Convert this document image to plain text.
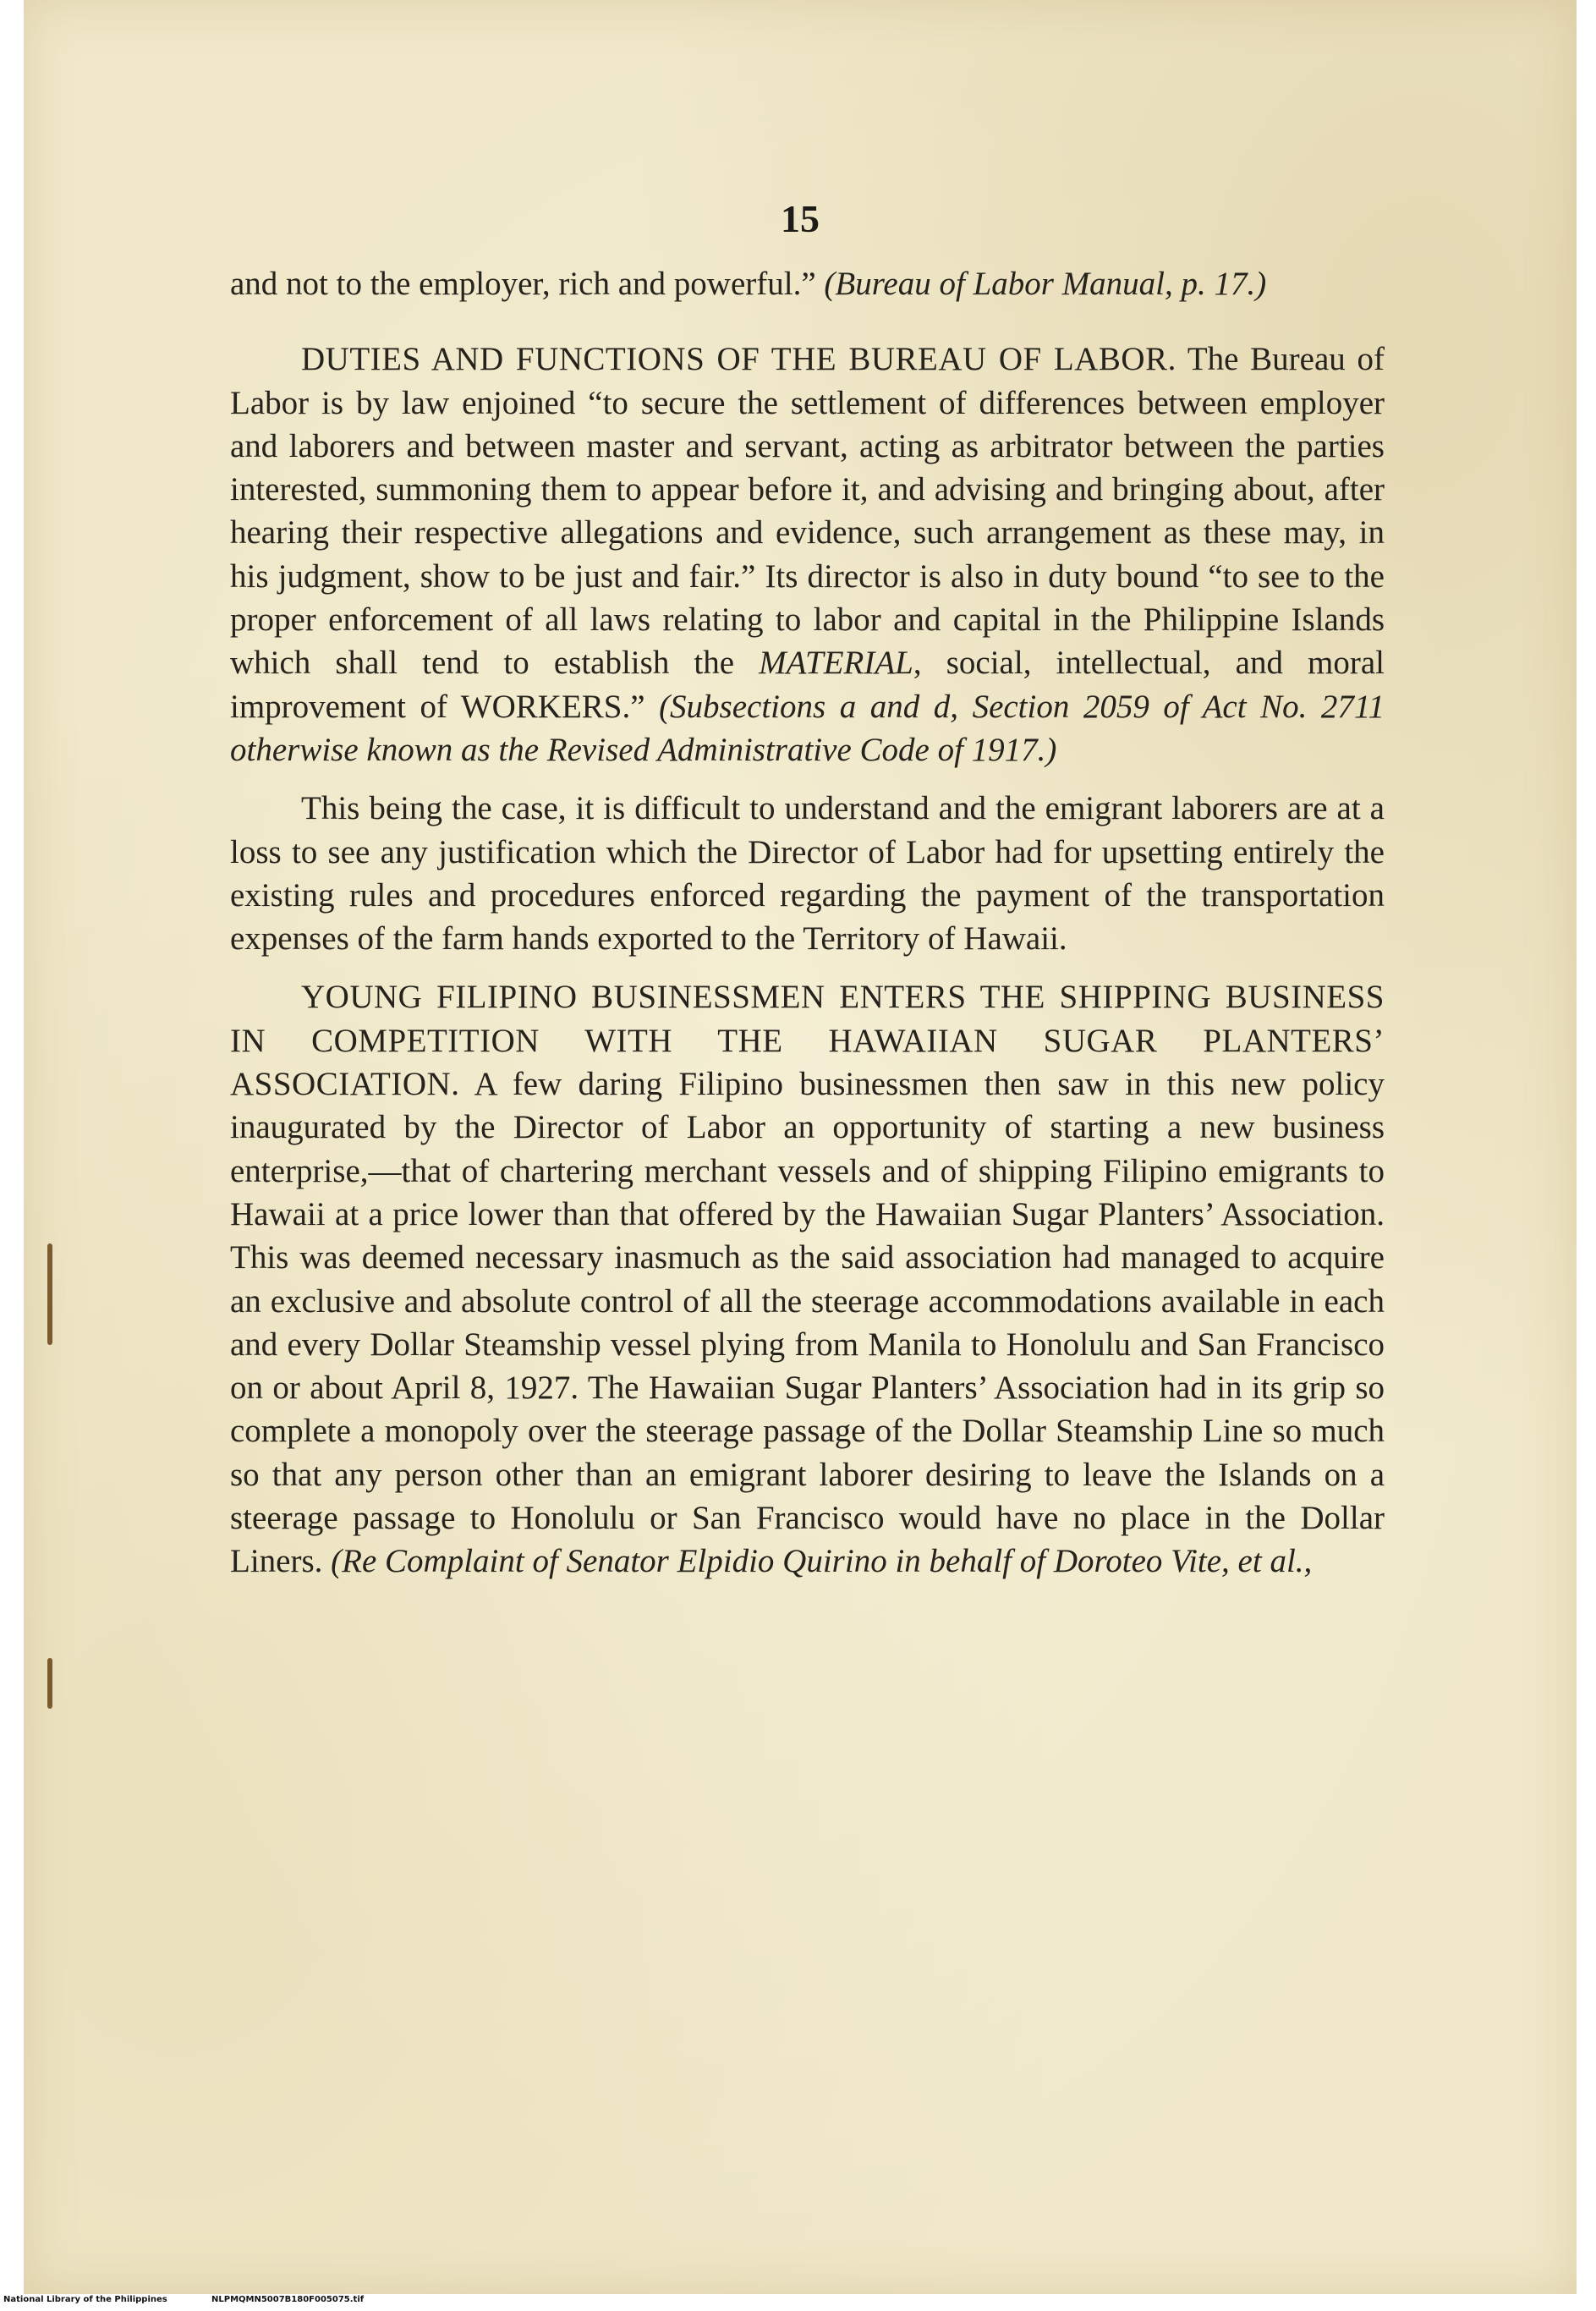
15

and not to the employer, rich and powerful.” (Bureau of Labor Manual, p. 17.)

DUTIES AND FUNCTIONS OF THE BUREAU OF LABOR. The Bureau of Labor is by law enjoined “to secure the settlement of differences between employer and laborers and between master and servant, acting as arbitrator between the parties interested, summoning them to appear before it, and advising and bringing about, after hearing their respective allegations and evidence, such arrangement as these may, in his judgment, show to be just and fair.” Its director is also in duty bound “to see to the proper enforcement of all laws relating to labor and capital in the Philippine Islands which shall tend to establish the MATERIAL, social, intellectual, and moral improvement of WORKERS.” (Subsections a and d, Section 2059 of Act No. 2711 otherwise known as the Revised Administrative Code of 1917.)

This being the case, it is difficult to understand and the emigrant laborers are at a loss to see any justification which the Director of Labor had for upsetting entirely the existing rules and procedures enforced regarding the payment of the transportation expenses of the farm hands exported to the Territory of Hawaii.

YOUNG FILIPINO BUSINESSMEN ENTERS THE SHIPPING BUSINESS IN COMPETITION WITH THE HAWAIIAN SUGAR PLANTERS’ ASSOCIATION. A few daring Filipino businessmen then saw in this new policy inaugurated by the Director of Labor an opportunity of starting a new business enterprise,—that of chartering merchant vessels and of shipping Filipino emigrants to Hawaii at a price lower than that offered by the Hawaiian Sugar Planters’ Association. This was deemed necessary inasmuch as the said association had managed to acquire an exclusive and absolute control of all the steerage accommodations available in each and every Dollar Steamship vessel plying from Manila to Honolulu and San Francisco on or about April 8, 1927. The Hawaiian Sugar Planters’ Association had in its grip so complete a monopoly over the steerage passage of the Dollar Steamship Line so much so that any person other than an emigrant laborer desiring to leave the Islands on a steerage passage to Honolulu or San Francisco would have no place in the Dollar Liners. (Re Complaint of Senator Elpidio Quirino in behalf of Doroteo Vite, et al.,

National Library of the Philippines	NLPMQMN5007B180F005075.tif
